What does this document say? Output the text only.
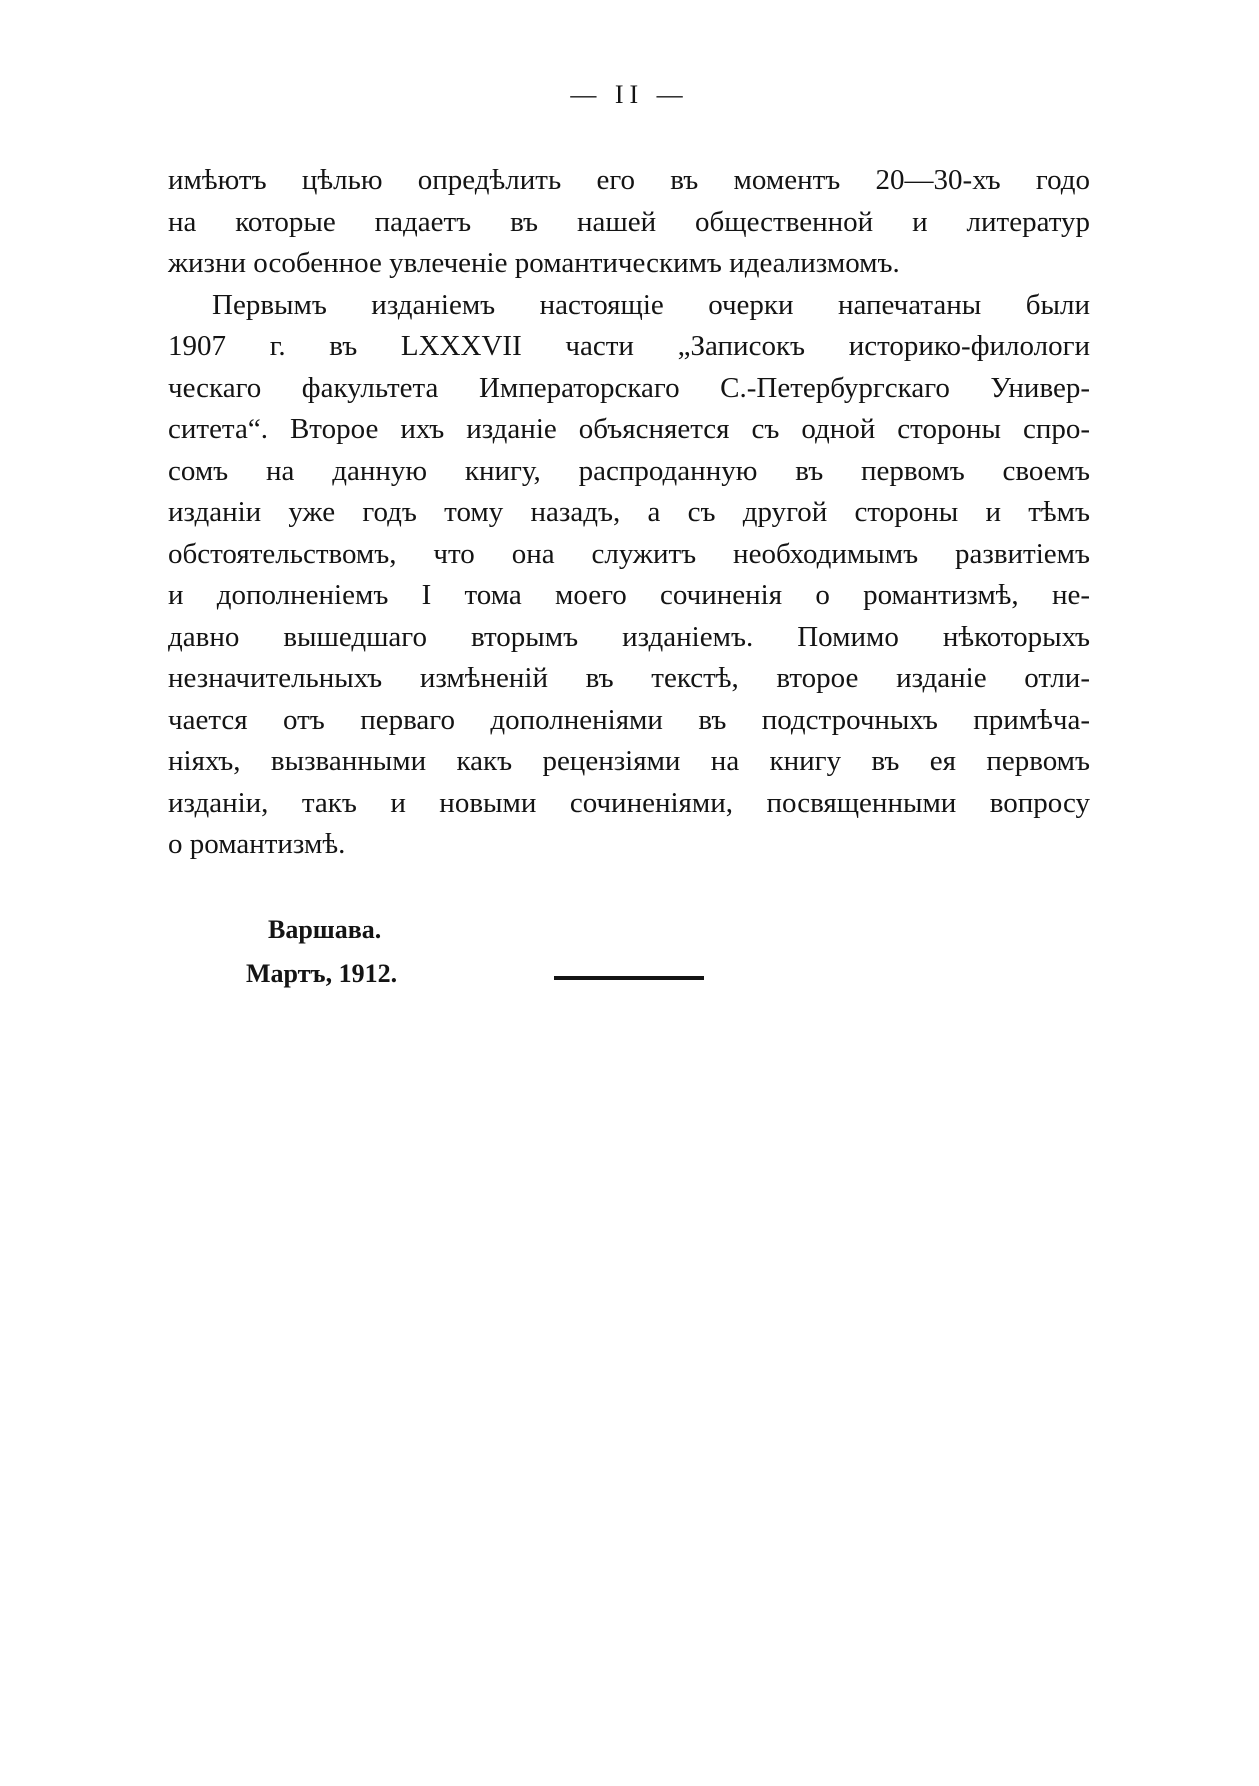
— II —
имѣютъ цѣлью опредѣлить его въ моментъ 20—30-хъ годо
на которые падаетъ въ нашей общественной и литератур
жизни особенное увлеченіе романтическимъ идеализмомъ.
Первымъ изданіемъ настоящіе очерки напечатаны были
1907 г. въ LXXXVII части „Записокъ историко-филологи
ческаго факультета Императорскаго С.-Петербургскаго Универ-
ситета“. Второе ихъ изданіе объясняется съ одной стороны спро-
сомъ на данную книгу, распроданную въ первомъ своемъ
изданіи уже годъ тому назадъ, а съ другой стороны и тѣмъ
обстоятельствомъ, что она служитъ необходимымъ развитіемъ
и дополненіемъ I тома моего сочиненія о романтизмѣ, не-
давно вышедшаго вторымъ изданіемъ. Помимо нѣкоторыхъ
незначительныхъ измѣненій въ текстѣ, второе изданіе отли-
чается отъ перваго дополненіями въ подстрочныхъ примѣча-
ніяхъ, вызванными какъ рецензіями на книгу въ ея первомъ
изданіи, такъ и новыми сочиненіями, посвященными вопросу
о романтизмѣ.
Варшава.
Мартъ, 1912.
